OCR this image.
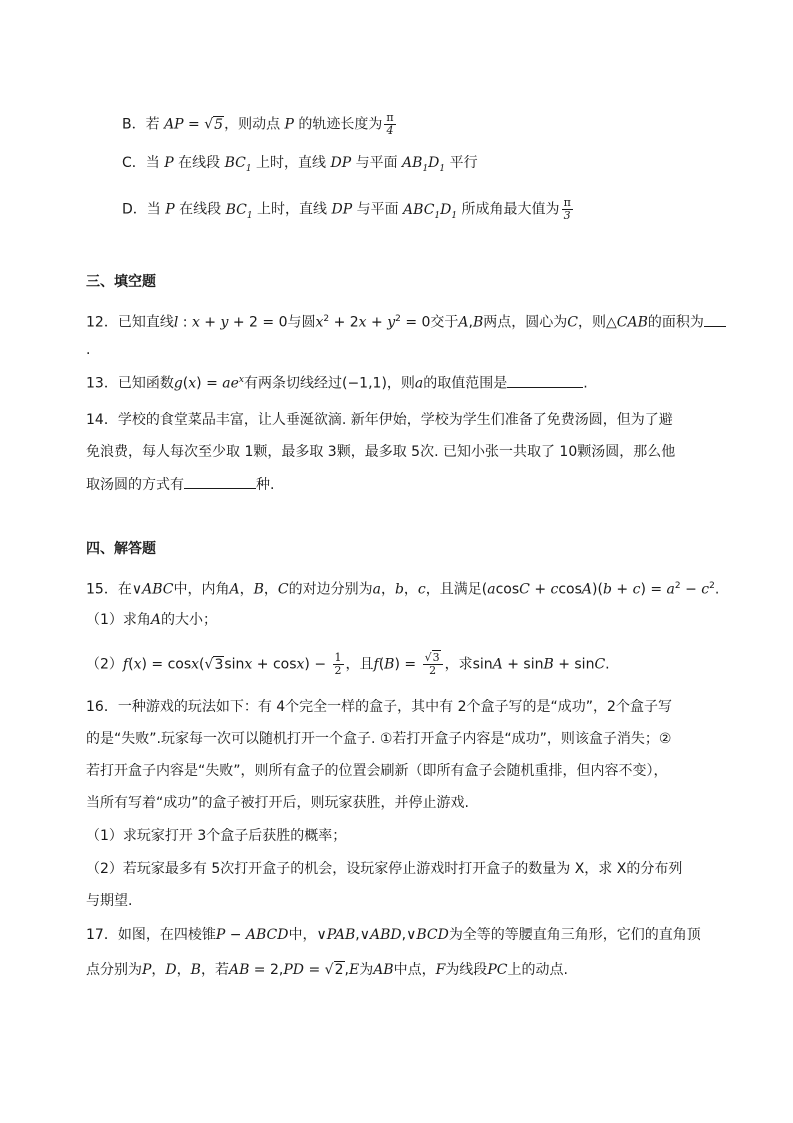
B．若 AP = √5，则动点 P 的轨迹长度为 $\frac{\pi}{4}$
C．当 P 在线段 $BC_1$ 上时，直线 DP 与平面 $AB_1D_1$ 平行
D．当 P 在线段 $BC_1$ 上时，直线 DP 与平面 $ABC_1D_1$ 所成角最大值为 $\frac{\pi}{3}$
三、填空题
12．已知直线l : x + y + 2 = 0与圆$x^2 + 2x + y^2 = 0$交于A,B两点，圆心为C，则△CAB的面积为
.
13．已知函数$g(x) = ae^x$有两条切线经过(−1,1)，则a的取值范围是	.
14．学校的食堂菜品丰富，让人垂涎欲滴. 新年伊始，学校为学生们准备了免费汤圆，但为了避
免浪费，每人每次至少取 1颗，最多取 3颗，最多取 5次. 已知小张一共取了 10颗汤圆，那么他
取汤圆的方式有	种.
四、解答题
15．在∨ABC中，内角A，B，C的对边分别为a，b，c，且满足$(acosC + ccosA)(b + c) = a^2 - c^2$.
（1）求角A的大小；
$(2)f(x) = \cos x(√3\sin x + \cos x) - \frac{1}{2}$ ，且$f(B) = \frac{√3}{2}$ ，求sinA + sinB + sinC.
16．一种游戏的玩法如下：有 4个完全一样的盒子，其中有 2个盒子写的是“成功”，2个盒子写
的是“失败”.玩家每一次可以随机打开一个盒子. ①若打开盒子内容是“成功”，则该盒子消失；②
若打开盒子内容是“失败”，则所有盒子的位置会刷新（即所有盒子会随机重排，但内容不变），
当所有写着“成功”的盒子被打开后，则玩家获胜，并停止游戏.
（1）求玩家打开 3个盒子后获胜的概率；
（2）若玩家最多有 5次打开盒子的机会，设玩家停止游戏时打开盒子的数量为 X，求 X的分布列
与期望.
17．如图，在四棱锥P − ABCD中，∨PAB,∨ABD,∨BCD为全等的等腰直角三角形，它们的直角顶
点分别为P，D，B，若AB = 2,PD = √2,E为AB中点，F为线段PC上的动点.
